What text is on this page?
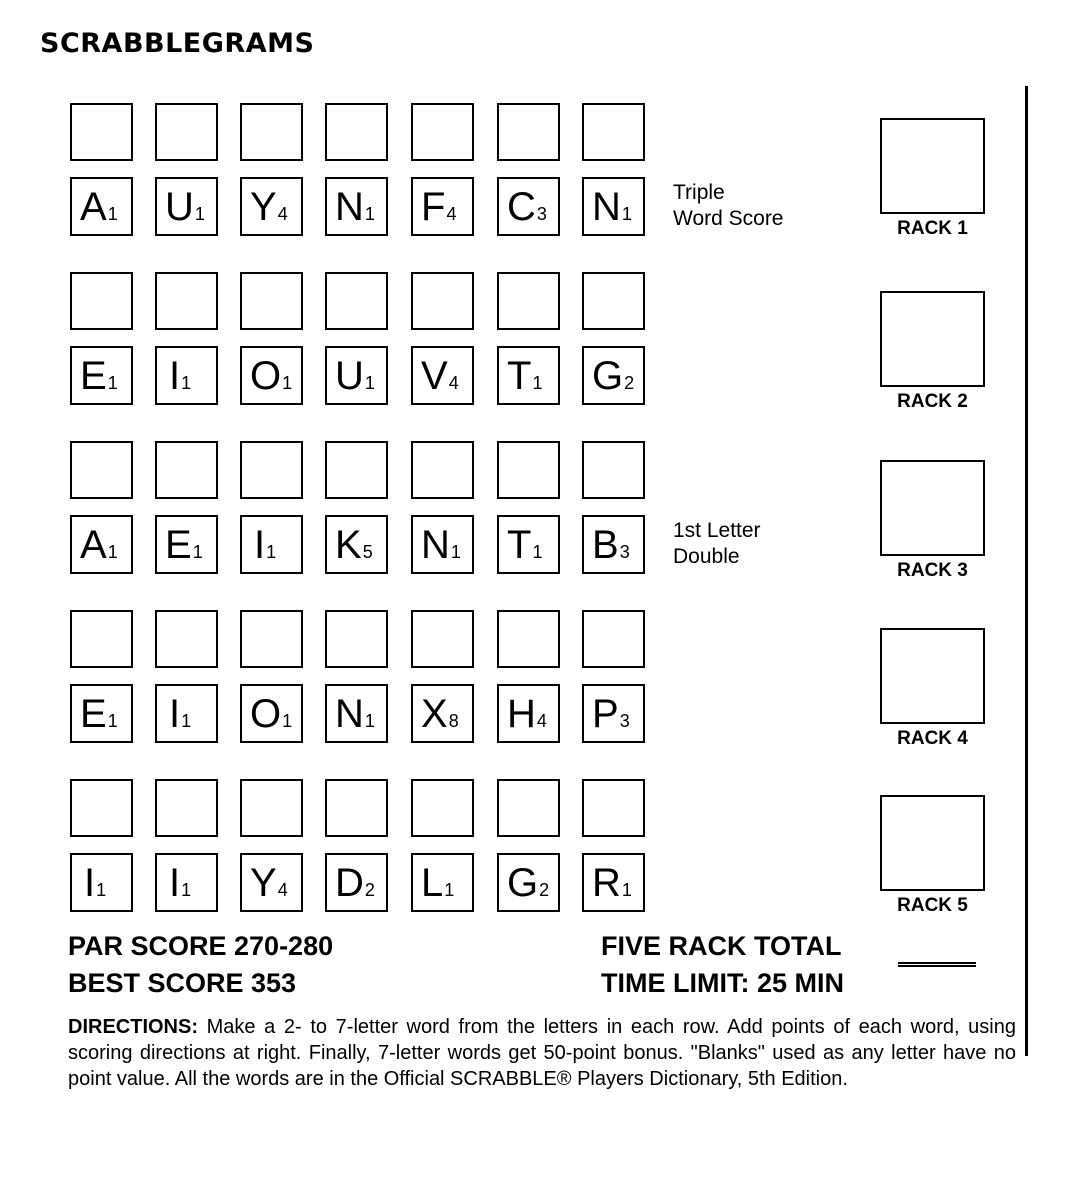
SCRABBLEGRAMS
A 1 U 1 Y 4 N 1 F 4 C 3 N 1
Triple
Word Score	RACK 1
E 1 I 1 O 1 U 1 V 4 T 1 G 2
RACK 2
A 1 E 1 I 1 K 5 N 1 T 1 B 3
1st Letter
Double
RACK 3
E 1 I 1 O 1 N 1 X 8 H 4 P 3
RACK 4
I 1 I 1 Y 4 D 2 L 1 G 2 R 1
RACK 5
PAR SCORE 270-280
BEST SCORE 353
FIVE RACK TOTAL
TIME LIMIT: 25 MIN
DIRECTIONS: Make a 2- to 7-letter word from the letters in each row. Add points of each word, using scoring directions at right. Finally, 7-letter words get 50-point bonus. "Blanks" used as any letter have no point value. All the words are in the Official SCRABBLE® Players Dictionary, 5th Edition.
